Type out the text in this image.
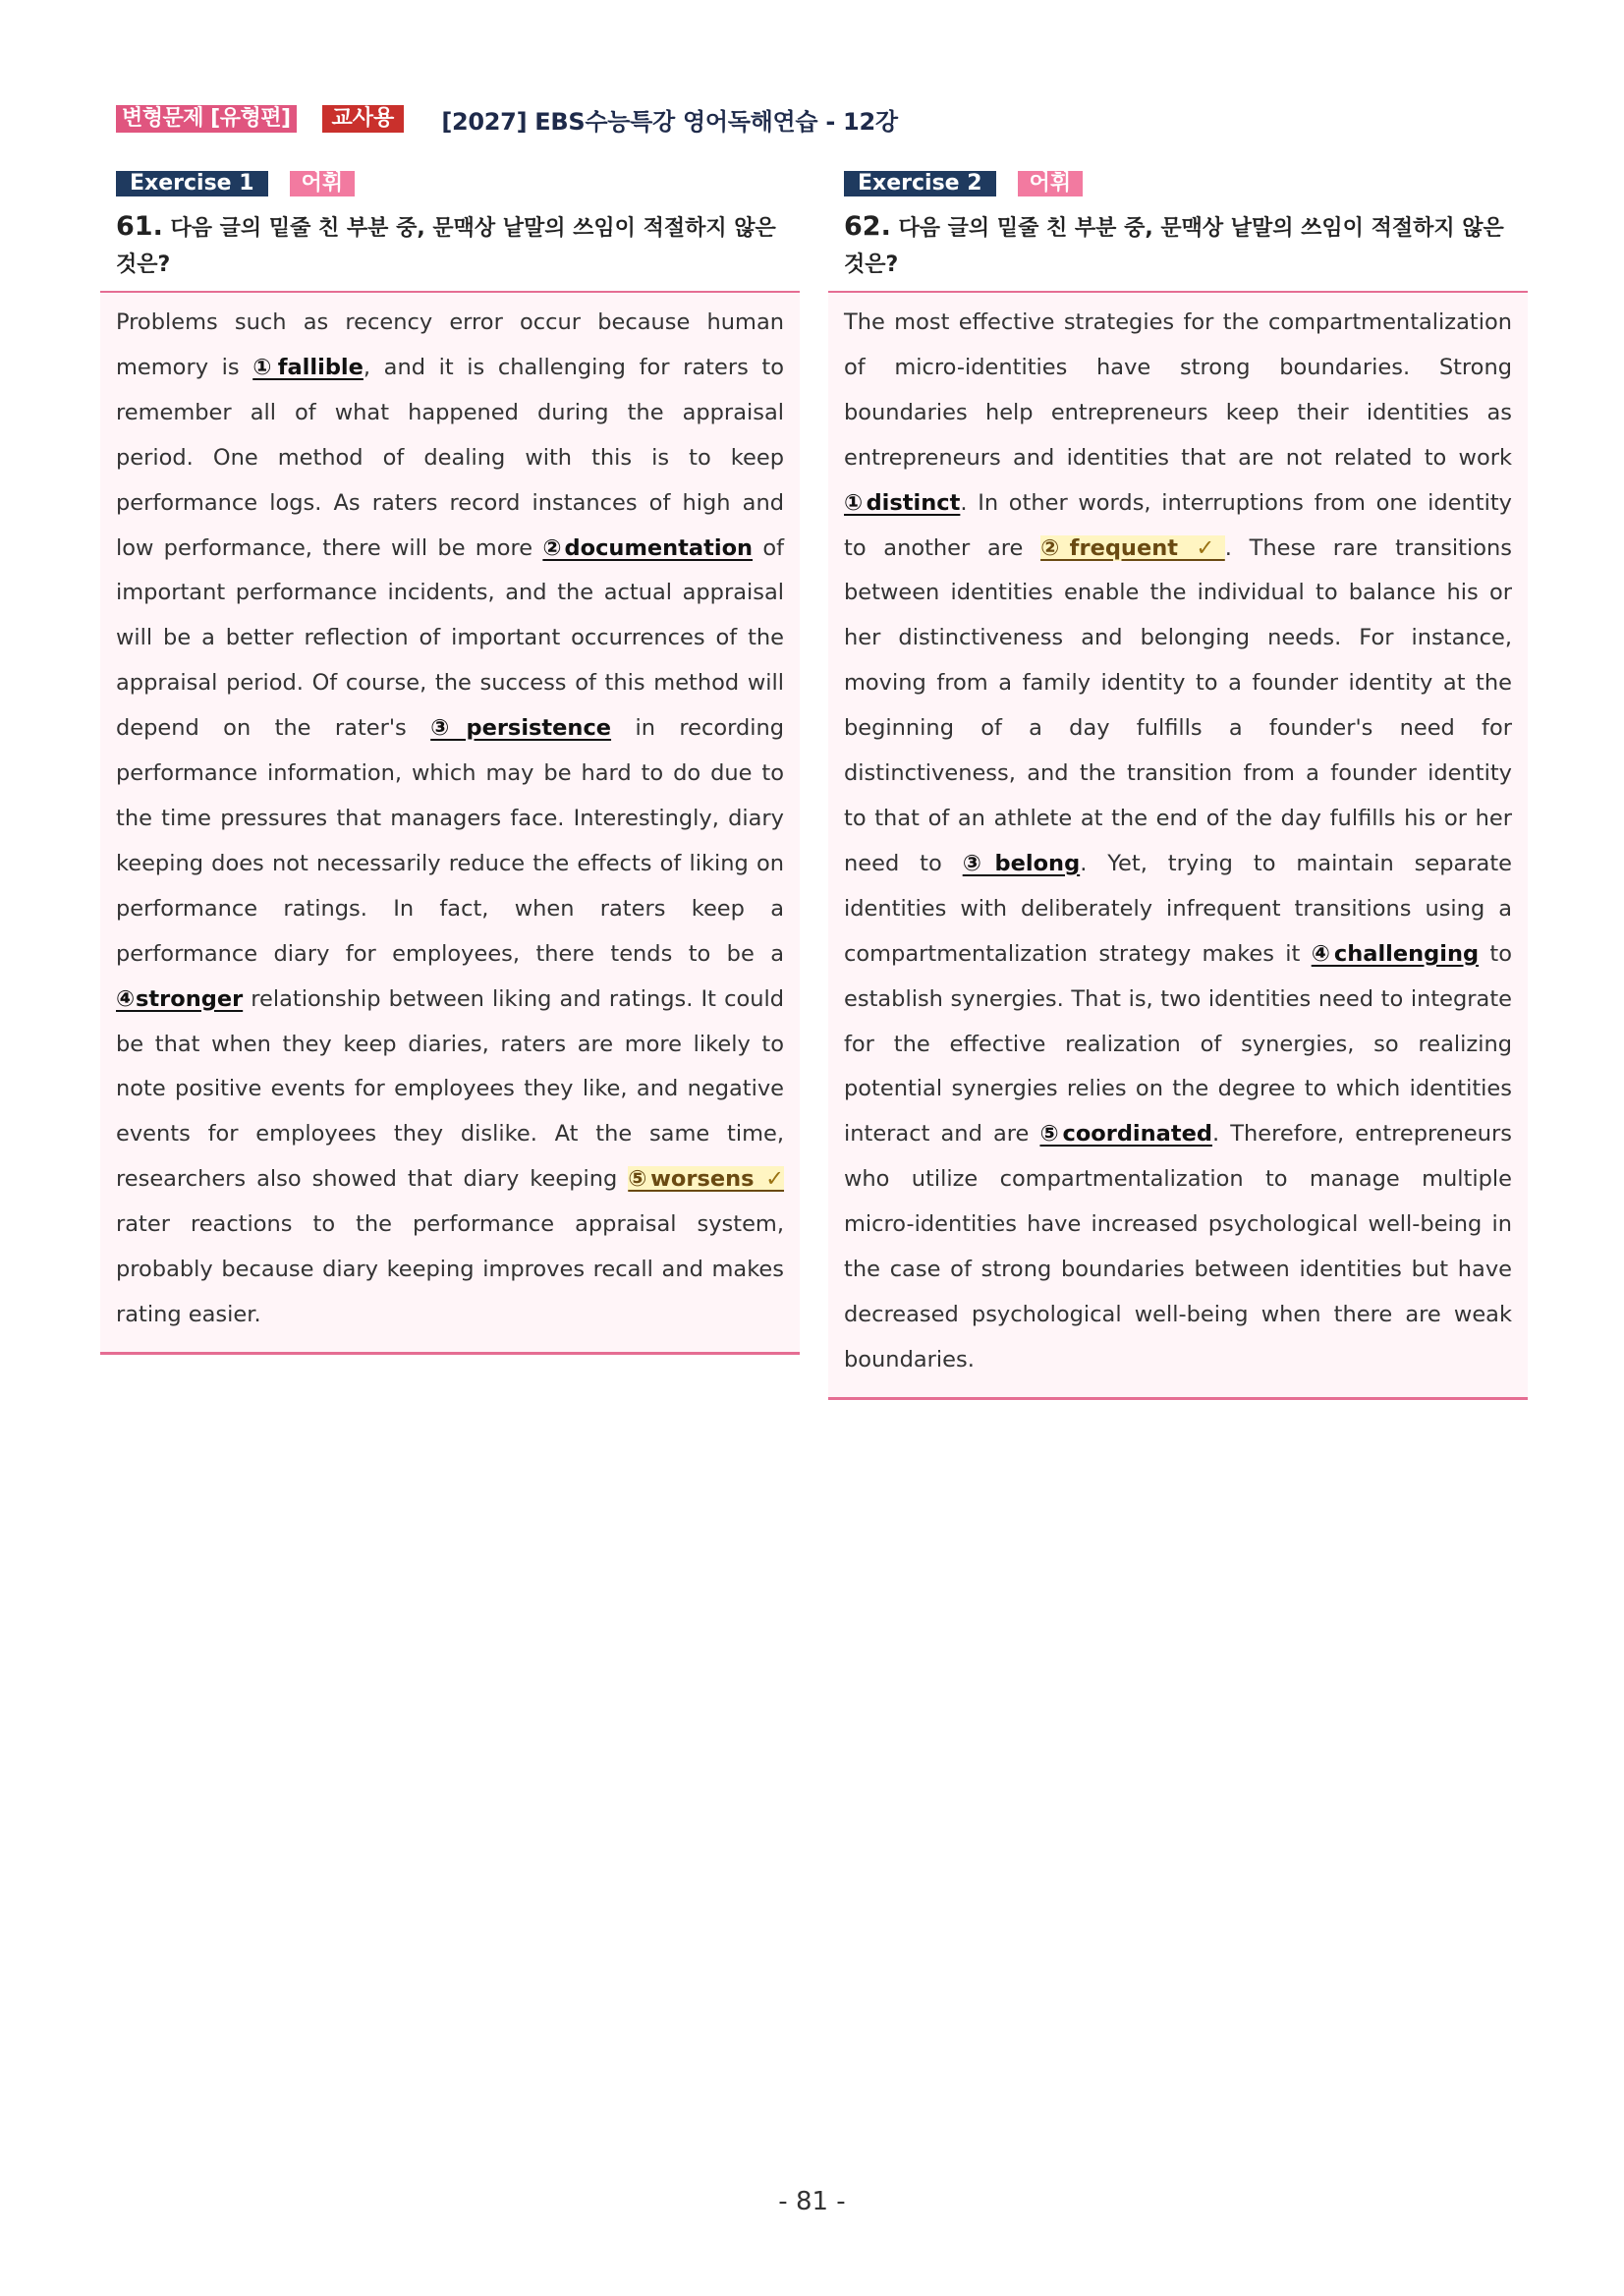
변형문제 [유형편]	교사용	[2027] EBS수능특강 영어독해연습 - 12강
Exercise 1	어휘
61. 다음 글의 밑줄 친 부분 중, 문맥상 낱말의 쓰임이 적절하지 않은 것은?
Problems such as recency error occur because human memory is ①fallible, and it is challenging for raters to remember all of what happened during the appraisal period. One method of dealing with this is to keep performance logs. As raters record instances of high and low performance, there will be more ②documentation of important performance incidents, and the actual appraisal will be a better reflection of important occurrences of the appraisal period. Of course, the success of this method will depend on the rater's ③persistence in recording performance information, which may be hard to do due to the time pressures that managers face. Interestingly, diary keeping does not necessarily reduce the effects of liking on performance ratings. In fact, when raters keep a performance diary for employees, there tends to be a ④stronger relationship between liking and ratings. It could be that when they keep diaries, raters are more likely to note positive events for employees they like, and negative events for employees they dislike. At the same time, researchers also showed that diary keeping ⑤worsens ✓ rater reactions to the performance appraisal system, probably because diary keeping improves recall and makes rating easier.
Exercise 2	어휘
62. 다음 글의 밑줄 친 부분 중, 문맥상 낱말의 쓰임이 적절하지 않은 것은?
The most effective strategies for the compartmentalization of micro-identities have strong boundaries. Strong boundaries help entrepreneurs keep their identities as entrepreneurs and identities that are not related to work ①distinct. In other words, interruptions from one identity to another are ②frequent ✓. These rare transitions between identities enable the individual to balance his or her distinctiveness and belonging needs. For instance, moving from a family identity to a founder identity at the beginning of a day fulfills a founder's need for distinctiveness, and the transition from a founder identity to that of an athlete at the end of the day fulfills his or her need to ③belong. Yet, trying to maintain separate identities with deliberately infrequent transitions using a compartmentalization strategy makes it ④challenging to establish synergies. That is, two identities need to integrate for the effective realization of synergies, so realizing potential synergies relies on the degree to which identities interact and are ⑤coordinated. Therefore, entrepreneurs who utilize compartmentalization to manage multiple micro-identities have increased psychological well-being in the case of strong boundaries between identities but have decreased psychological well-being when there are weak boundaries.
- 81 -
